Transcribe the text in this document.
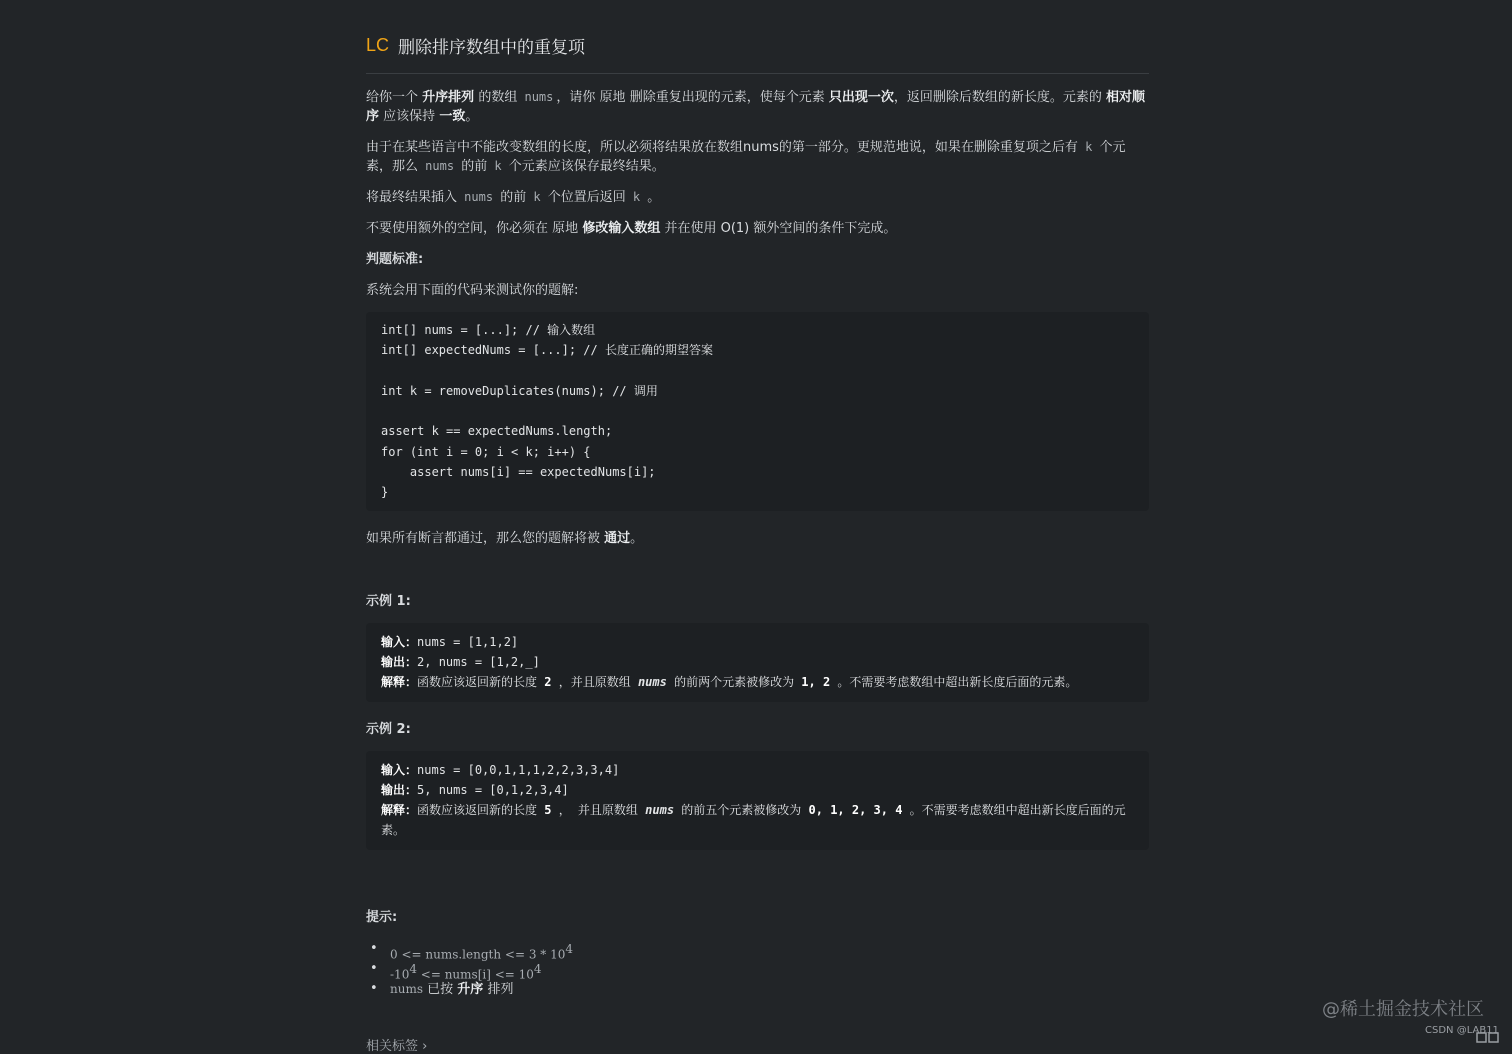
LC 删除排序数组中的重复项

给你一个 升序排列 的数组 nums ，请你 原地 删除重复出现的元素，使每个元素 只出现一次，返回删除后数组的新长度。元素的 相对顺序 应该保持 一致。

由于在某些语言中不能改变数组的长度，所以必须将结果放在数组nums的第一部分。更规范地说，如果在删除重复项之后有 k 个元素，那么 nums 的前 k 个元素应该保存最终结果。

将最终结果插入 nums 的前 k 个位置后返回 k 。

不要使用额外的空间，你必须在 原地 修改输入数组 并在使用 O(1) 额外空间的条件下完成。

判题标准:

系统会用下面的代码来测试你的题解:

int[] nums = [...]; // 输入数组
int[] expectedNums = [...]; // 长度正确的期望答案
int k = removeDuplicates(nums); // 调用
assert k == expectedNums.length;
for (int i = 0; i < k; i++) {
assert nums[i] == expectedNums[i];
}

如果所有断言都通过，那么您的题解将被 通过。

示例 1:

输入：nums = [1,1,2]
输出：2, nums = [1,2,_]
解释：函数应该返回新的长度 2 ，并且原数组 nums 的前两个元素被修改为 1, 2 。不需要考虑数组中超出新长度后面的元素。

示例 2:

输入：nums = [0,0,1,1,1,2,2,3,3,4]
输出：5, nums = [0,1,2,3,4]
解释：函数应该返回新的长度 5 ， 并且原数组 nums 的前五个元素被修改为 0, 1, 2, 3, 4 。不需要考虑数组中超出新长度后面的元素。

提示:

• 0 <= nums.length <= $3 * 10^4$
• $-10^4$ <= nums[i] <= $10^4$
• nums 已按 升序 排列
相关标签 ›
@稀土掘金技术社区
CSDN @LAB11
